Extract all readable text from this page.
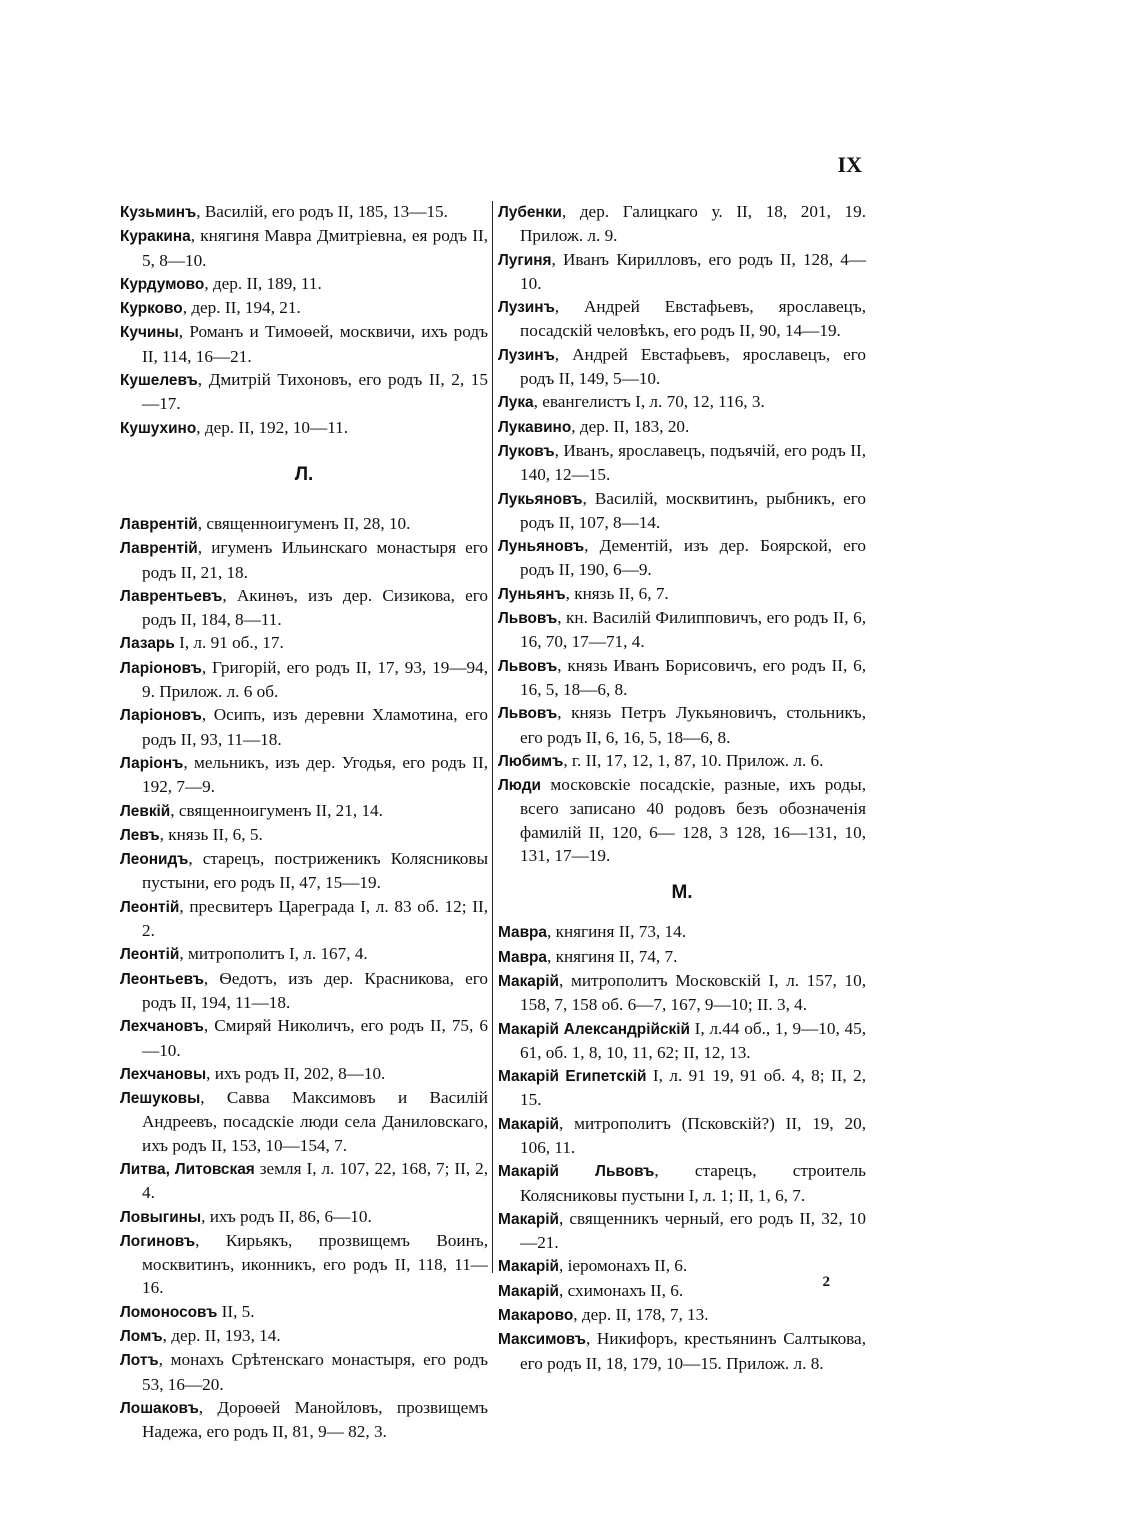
IX
Кузьминъ, Василій, его родъ II, 185, 13—15.
Куракина, княгиня Мавра Дмитріевна, ея родъ II, 5, 8—10.
Курдумово, дер. II, 189, 11.
Курково, дер. II, 194, 21.
Кучины, Романъ и Тимоѳей, москвичи, ихъ родъ II, 114, 16—21.
Кушелевъ, Дмитрій Тихоновъ, его родъ II, 2, 15—17.
Кушухино, дер. II, 192, 10—11.
Л.
Лаврентій, священноигуменъ II, 28, 10.
Лаврентій, игуменъ Ильинскаго монастыря его родъ II, 21, 18.
Лаврентьевъ, Акинѳъ, изъ дер. Сизикова, его родъ II, 184, 8—11.
Лазарь I, л. 91 об., 17.
Ларіоновъ, Григорій, его родъ II, 17, 93, 19—94, 9. Прилож. л. 6 об.
Ларіоновъ, Осипъ, изъ деревни Хламотина, его родъ II, 93, 11—18.
Ларіонъ, мельникъ, изъ дер. Угодья, его родъ II, 192, 7—9.
Левкій, священноигуменъ II, 21, 14.
Левъ, князь II, 6, 5.
Леонидъ, старецъ, постриженикъ Колясниковы пустыни, его родъ II, 47, 15—19.
Леонтій, пресвитеръ Цареграда I, л. 83 об. 12; II, 2.
Леонтій, митрополитъ I, л. 167, 4.
Леонтьевъ, Ѳедотъ, изъ дер. Красникова, его родъ II, 194, 11—18.
Лехчановъ, Смиряй Николичъ, его родъ II, 75, 6—10.
Лехчановы, ихъ родъ II, 202, 8—10.
Лешуковы, Савва Максимовъ и Василій Андреевъ, посадскіе люди села Даниловскаго, ихъ родъ II, 153, 10—154, 7.
Литва, Литовская земля I, л. 107, 22, 168, 7; II, 2, 4.
Ловыгины, ихъ родъ II, 86, 6—10.
Логиновъ, Кирьякъ, прозвищемъ Воинъ, москвитинъ, иконникъ, его родъ II, 118, 11—16.
Ломоносовъ II, 5.
Ломъ, дер. II, 193, 14.
Лотъ, монахъ Срѣтенскаго монастыря, его родъ 53, 16—20.
Лошаковъ, Дороѳей Манойловъ, прозвищемъ Надежа, его родъ II, 81, 9— 82, 3.
Лубенки, дер. Галицкаго у. II, 18, 201, 19. Прилож. л. 9.
Лугиня, Иванъ Кирилловъ, его родъ II, 128, 4—10.
Лузинъ, Андрей Евстафьевъ, ярославецъ, посадскій человѣкъ, его родъ II, 90, 14—19.
Лузинъ, Андрей Евстафьевъ, ярославецъ, его родъ II, 149, 5—10.
Лука, евангелистъ I, л. 70, 12, 116, 3.
Лукавино, дер. II, 183, 20.
Луковъ, Иванъ, ярославецъ, подъячій, его родъ II, 140, 12—15.
Лукьяновъ, Василій, москвитинъ, рыбникъ, его родъ II, 107, 8—14.
Луньяновъ, Дементій, изъ дер. Боярской, его родъ II, 190, 6—9.
Луньянъ, князь II, 6, 7.
Львовъ, кн. Василій Филипповичъ, его родъ II, 6, 16, 70, 17—71, 4.
Львовъ, князь Иванъ Борисовичъ, его родъ II, 6, 16, 5, 18—6, 8.
Львовъ, князь Петръ Лукьяновичъ, стольникъ, его родъ II, 6, 16, 5, 18—6, 8.
Любимъ, г. II, 17, 12, 1, 87, 10. Прилож. л. 6.
Люди московскіе посадскіе, разные, ихъ роды, всего записано 40 родовъ безъ обозначенія фамилій II, 120, 6— 128, 3 128, 16—131, 10, 131, 17—19.
М.
Мавра, княгиня II, 73, 14.
Мавра, княгиня II, 74, 7.
Макарій, митрополитъ Московскій I, л. 157, 10, 158, 7, 158 об. 6—7, 167, 9—10; II. 3, 4.
Макарій Александрійскій I, л.44 об., 1, 9—10, 45, 61, об. 1, 8, 10, 11, 62; II, 12, 13.
Макарій Египетскій I, л. 91 19, 91 об. 4, 8; II, 2, 15.
Макарій, митрополитъ (Псковскій?) II, 19, 20, 106, 11.
Макарій Львовъ, старецъ, строитель Колясниковы пустыни I, л. 1; II, 1, 6, 7.
Макарій, священникъ черный, его родъ II, 32, 10—21.
Макарій, іеромонахъ II, 6.
Макарій, схимонахъ II, 6.
Макарово, дер. II, 178, 7, 13.
Максимовъ, Никифоръ, крестьянинъ Салтыкова, его родъ II, 18, 179, 10—15. Прилож. л. 8.
2
